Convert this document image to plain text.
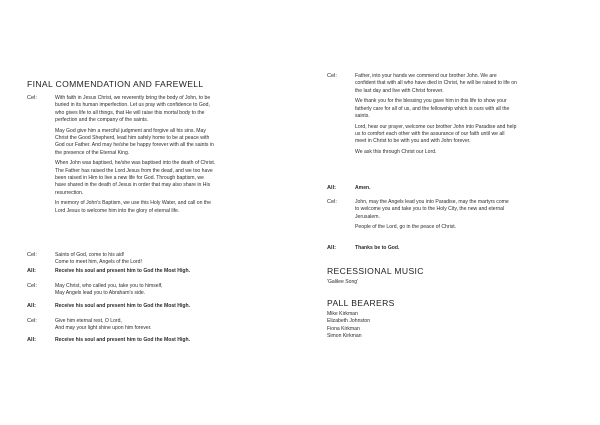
FINAL COMMENDATION AND FAREWELL
Cel:	With faith in Jesus Christ, we reverently bring the body of John, to be
buried in its human imperfection. Let us pray with confidence to God,
who gives life to all things, that He will raise this mortal body to the
perfection and the company of the saints.

May God give him a merciful judgment and forgive all his sins. May
Christ the Good Shepherd, lead him safely home to be at peace with
God our Father. And may he/she be happy forever with all the saints in
the presence of the Eternal King.

When John was baptised, he/she was baptised into the death of Christ.
The Father has raised the Lord Jesus from the dead, and we too have
been raised in Him to live a new life for God. Through baptism, we
have shared in the death of Jesus in order that may also share in His
resurrection.

In memory of John's Baptism, we use this Holy Water, and call on the
Lord Jesus to welcome him into the glory of eternal life.

Cel:	Saints of God, come to his aid!
Come to meet him, Angels of the Lord!
All:	Receive his soul and present him to God the Most High.
Cel:	May Christ, who called you, take you to himself,
May Angels lead you to Abraham's side.
All:	Receive his soul and present him to God the Most High.
Cel:	Give him eternal rest, O Lord,
And may your light shine upon him forever.
All:	Receive his soul and present him to God the Most High.
RECESSIONAL MUSIC
'Galilee Song'
PALL BEARERS
Mike Kirkman
Elizabeth Johnston
Fiona Kirkman
Simon Kirkman
Cel:	Father, into your hands we commend our brother John. We are
confident that with all who have died in Christ, he will be raised to life on
the last day and live with Christ forever.

We thank you for the blessing you gave him in this life to show your
fatherly care for all of us, and the fellowship which is ours with all the
saints.

Lord, hear our prayer, welcome our brother John into Paradise and help
us to comfort each other with the assurance of our faith until we all
meet in Christ to be with you and with John forever.

We ask this through Christ our Lord.

All:	Amen.
Cel:	John, may the Angels lead you into Paradise, may the martyrs come
to welcome you and take you to the Holy City, the new and eternal
Jerusalem.

People of the Lord, go in the peace of Christ.

All:	Thanks be to God.
